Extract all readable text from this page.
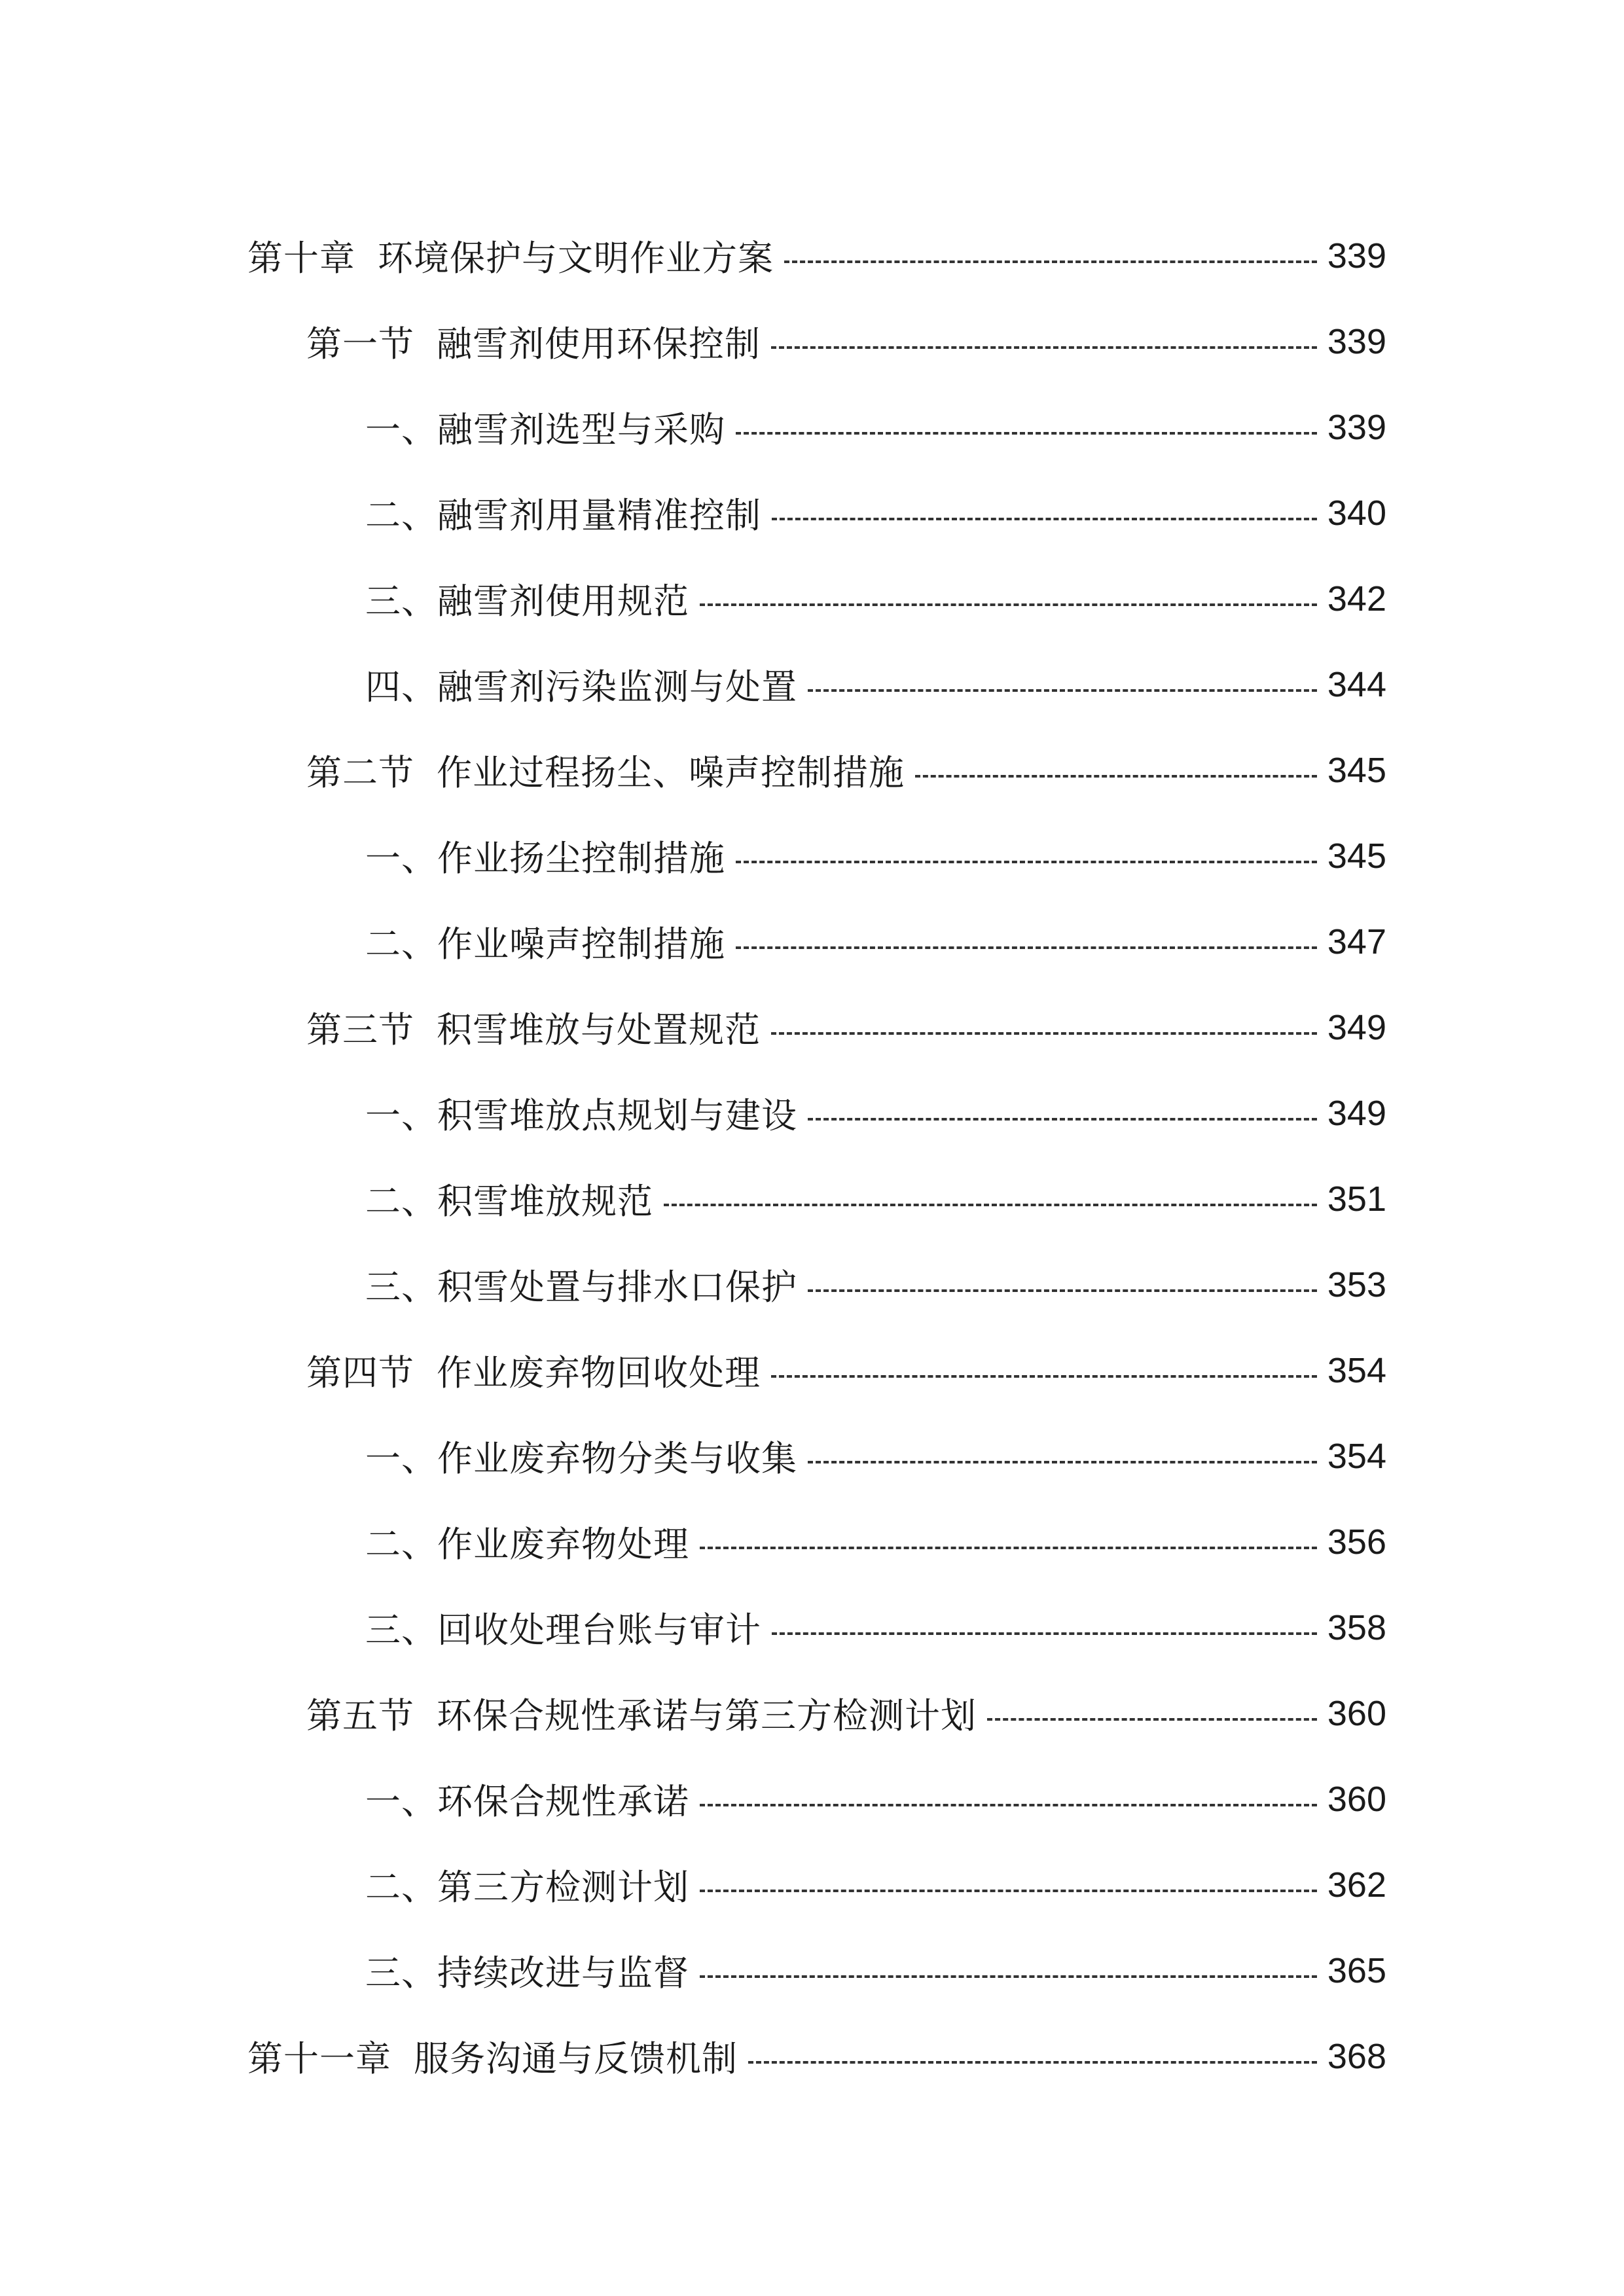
第十章 环境保护与文明作业方案	339
第一节 融雪剂使用环保控制	339
一、融雪剂选型与采购	339
二、融雪剂用量精准控制	340
三、融雪剂使用规范	342
四、融雪剂污染监测与处置	344
第二节 作业过程扬尘、噪声控制措施	345
一、作业扬尘控制措施	345
二、作业噪声控制措施	347
第三节 积雪堆放与处置规范	349
一、积雪堆放点规划与建设	349
二、积雪堆放规范	351
三、积雪处置与排水口保护	353
第四节 作业废弃物回收处理	354
一、作业废弃物分类与收集	354
二、作业废弃物处理	356
三、回收处理台账与审计	358
第五节 环保合规性承诺与第三方检测计划	360
一、环保合规性承诺	360
二、第三方检测计划	362
三、持续改进与监督	365
第十一章 服务沟通与反馈机制	368
